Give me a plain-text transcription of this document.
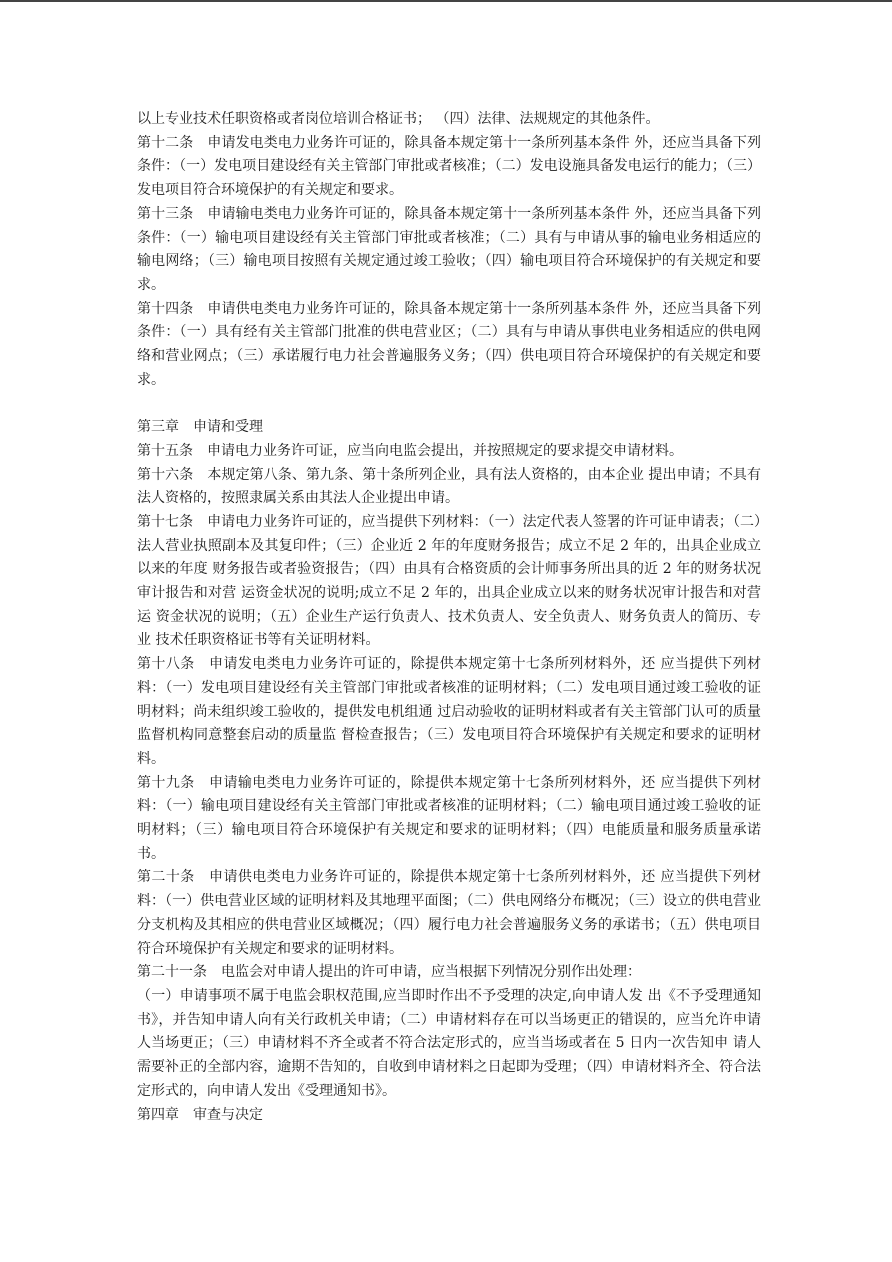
以上专业技术任职资格或者岗位培训合格证书； （四）法律、法规规定的其他条件。

第十二条　申请发电类电力业务许可证的，除具备本规定第十一条所列基本条件 外，还应当具备下列条件：（一）发电项目建设经有关主管部门审批或者核准；（二）发电设施具备发电运行的能力；（三）发电项目符合环境保护的有关规定和要求。

第十三条　申请输电类电力业务许可证的，除具备本规定第十一条所列基本条件 外，还应当具备下列条件：（一）输电项目建设经有关主管部门审批或者核准；（二）具有与申请从事的输电业务相适应的输电网络；（三）输电项目按照有关规定通过竣工验收；（四）输电项目符合环境保护的有关规定和要求。

第十四条　申请供电类电力业务许可证的，除具备本规定第十一条所列基本条件 外，还应当具备下列条件：（一）具有经有关主管部门批准的供电营业区；（二）具有与申请从事供电业务相适应的供电网络和营业网点；（三）承诺履行电力社会普遍服务义务；（四）供电项目符合环境保护的有关规定和要求。

第三章　申请和受理

第十五条　申请电力业务许可证，应当向电监会提出，并按照规定的要求提交申请材料。

第十六条　本规定第八条、第九条、第十条所列企业，具有法人资格的，由本企业 提出申请；不具有法人资格的，按照隶属关系由其法人企业提出申请。

第十七条　申请电力业务许可证的，应当提供下列材料：（一）法定代表人签署的许可证申请表；（二）法人营业执照副本及其复印件；（三）企业近 2 年的年度财务报告；成立不足 2 年的，出具企业成立以来的年度 财务报告或者验资报告；（四）由具有合格资质的会计师事务所出具的近 2 年的财务状况审计报告和对营 运资金状况的说明;成立不足 2 年的，出具企业成立以来的财务状况审计报告和对营运 资金状况的说明；（五）企业生产运行负责人、技术负责人、安全负责人、财务负责人的简历、专业 技术任职资格证书等有关证明材料。

第十八条　申请发电类电力业务许可证的，除提供本规定第十七条所列材料外，还 应当提供下列材料：（一）发电项目建设经有关主管部门审批或者核准的证明材料；（二）发电项目通过竣工验收的证明材料；尚未组织竣工验收的，提供发电机组通 过启动验收的证明材料或者有关主管部门认可的质量监督机构同意整套启动的质量监 督检查报告；（三）发电项目符合环境保护有关规定和要求的证明材料。

第十九条　申请输电类电力业务许可证的，除提供本规定第十七条所列材料外，还 应当提供下列材料：（一）输电项目建设经有关主管部门审批或者核准的证明材料；（二）输电项目通过竣工验收的证明材料；（三）输电项目符合环境保护有关规定和要求的证明材料；（四）电能质量和服务质量承诺书。

第二十条　申请供电类电力业务许可证的，除提供本规定第十七条所列材料外，还 应当提供下列材料：（一）供电营业区域的证明材料及其地理平面图；（二）供电网络分布概况；（三）设立的供电营业分支机构及其相应的供电营业区域概况；（四）履行电力社会普遍服务义务的承诺书；（五）供电项目符合环境保护有关规定和要求的证明材料。

第二十一条　电监会对申请人提出的许可申请，应当根据下列情况分别作出处理：

（一）申请事项不属于电监会职权范围,应当即时作出不予受理的决定,向申请人发 出《不予受理通知书》，并告知申请人向有关行政机关申请；（二）申请材料存在可以当场更正的错误的，应当允许申请人当场更正；（三）申请材料不齐全或者不符合法定形式的，应当当场或者在 5 日内一次告知申 请人需要补正的全部内容，逾期不告知的，自收到申请材料之日起即为受理；（四）申请材料齐全、符合法定形式的，向申请人发出《受理通知书》。

第四章　审查与决定
